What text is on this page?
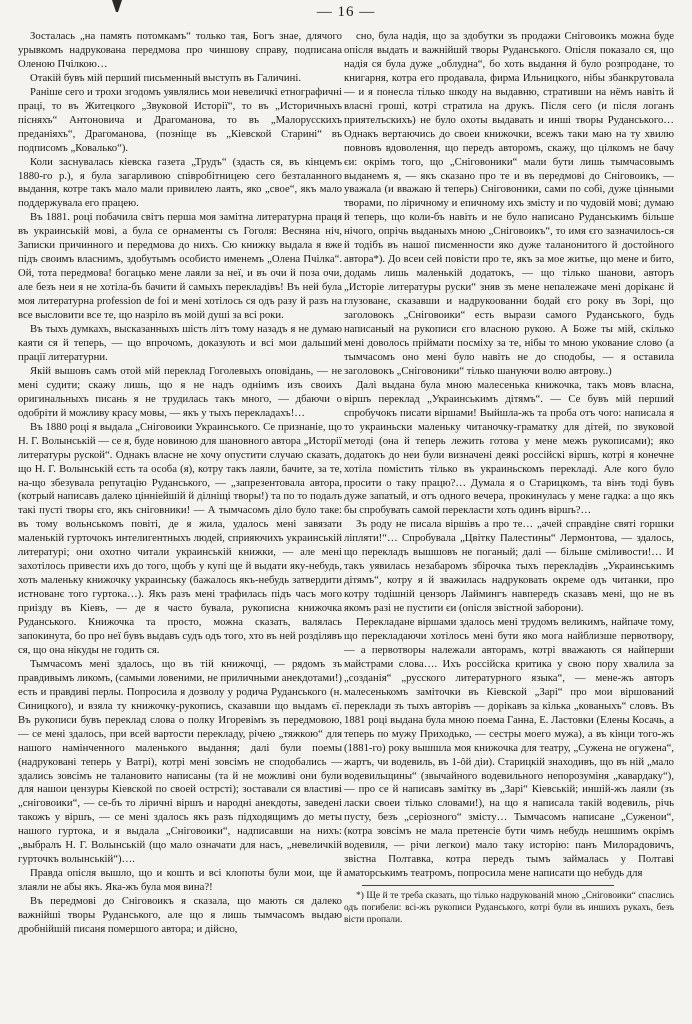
— 16 —

Зосталась „на память потомкамъ“ только тая, Богъ знае, длячого урывкомъ надрукована передмова про чиншову справу, подписана Оленою Пчілкою…

Отакій бувъ мій перший письменный выступъ въ Галичині.

Раніше сего и трохи згодомъ уявлялись мои невеличкі етнографичні праці, то въ Житецкого „Звуковой Исторії“, то въ „Историчныхъ пісняхъ“ Антоновича и Драгоманова, то въ „Малорусскихъ преданіяхъ“, Драгоманова, (позніще въ „Кіевской Старині“ въ подписомъ „Ковалько“).

Коли заснувалась кіевска газета „Трудъ“ (здасть ся, въ кінцемъ 1880-го р.), я була загарливою співробітницею сего безталанного выдання, котре такъ мало мали привилею лаять, яко „свое“, якъ мало поддержувала его працею.

Въ 1881. році побачила світъ перша моя замітна литературна праця въ украинській мові, а була се орнаменты съ Гоголя: Весняна ніч, Записки причинного и передмова до нихъ. Сю книжку выдала я вже підъ своимъ власнимъ, здобутымъ особисто именемъ „Олена Пчілка“. Ой, тота передмова! богацько мене лаяли за неї, и въ очи й поза очи, але безъ неи я не хотіла-бъ бачити й самыхъ перекладівъ! Въ ней була моя литературна profession de foi и мені хотілось ся одъ разу й разъ на все высловити все те, що назріло въ моій душі за всі роки.

Въ тыхъ думкахъ, высказанныхъ шість літъ тому назадъ я не думаю каяти ся й теперь, — що впрочомъ, доказують и всі мои дальший прації литературни.

Якій вышовъ самъ отой мій переклад Гоголевыхъ оповідань, — не мені судити; скажу лишь, що я не надъ одніимъ изъ своихъ оригинальныхъ писань я не трудилась такъ много, — дбаючи о одобріти й можливу красу мовы, — якъ у тыхъ перекладахъ!…

Въ 1880 році я выдала „Сніговоики Украинського. Се признаніе, що Н. Г. Волынськiй — се я, буде новиною для шановного автора „Исторії литературы руской“. Однакъ власне не хочу опустити случаю сказать, що Н. Г. Волынськiй єсть та особа (я), котру такъ лаяли, бачите, за те, на-що збезувала репутацію Руданського, — „запрезентовала автора, (котрый написавъ далеко цінніейшій й ділніщі творы!) та по то подалъ такі пусті творы єго, якъ сніговники! — А тымчасомъ діло було таке: въ тому вольнськомъ повіті, де я жила, удалось мені завязати маленькій гурточокъ интелигентныхъ людей, сприяючихъ украинській литературі; они охотно читали украинській книжки, — але мені захотілось привести ихъ до того, щобъ у купі ще й выдати яку-небудь, хоть маленьку книжочку украинську (бажалось якъ-небудь затвердити истнованє того гуртока…). Якъ разъ мені трафилась підъ часъ мого приізду въ Кіевъ, — де я часто бувала, рукописна книжочка Руданського. Книжочка та просто, можна сказать, валялась запокинута, бо про неї бувъ выдавъ судъ одъ того, хто въ ней розділявъ ся, що она нікуды не годить ся.

Тымчасомъ мені здалось, що въ тій книжочці, — рядомъ зъ правдивымъ ликомъ, (самыми ловеними, не приличными анекдотами!) есть и правдиві перлы. Попросила я дозволу у родича Руданського (н. Синицкого), и взяла ту книжочку-рукопись, сказавши що выдамъ єї. Въ рукописи бувъ переклад слова о полку Игоревімъ зъ передмовою, — се мені здалось, при всей вартости перекладу, річею „тяжкою“ для нашого намінченного маленького выдання; далі були поемы (надруковані теперь у Ватрі), котрі мені зовсімъ не сподобались — здались зовсімъ не талановито написаны (та й не можливі они були для нашои цензуры Кіевской по своей острсті); зоставали ся властиві „сніговоики“, — се-бъ то ліричні віршъ и народні анекдоты, заведені такожъ у віршъ, — се мені здалось якъ разъ підходящимъ до меты нашого гуртока, и я выдала „Сніговоики“, надписавши на нихъ: „выбралъ Н. Г. Волынськiй (що мало означати для насъ, „невеличкій гурточкъ волынськiй“)….

Правда опісля вышло, що и кошть и всі клопоты були мои, ще й злаяли не абы якъ. Яка-жъ була моя вина?!

Въ передмові до Сніговоикъ я сказала, що мають ся далеко важнійші творы Руданського, але що я лишь тымчасомъ выдаю дробнійшій писаня помершого автора; и дійсно,

сно, була надія, що за здобутки зъ продажи Сніговоикъ можна буде опісля выдать и важнійшй творы Руданського. Опісля показало ся, що надія ся була дуже „облудна“, бо хоть выдання й було розпродане, то книгарня, котра его продавала, фирма Ильницкого, нібы збанкрутовала — и я понесла тілько шкоду на выдавню, стративши на нёмъ навіть й власні гроші, котрі стратила на друкъ. Після сего (и після логанъ приятелъскихъ) не було охоты выдавать и инші творы Руданського… Однакъ вертаючись до своеи книжочки, всежъ таки маю на ту хвилю повновъ вдоволення, що передъ авторомъ, скажу, що цілкомъ не бачу єи: окрімъ того, що „Сніговоники“ мали бути лишь тымчасовымъ выданемъ я, — якъ сказано про те и въ передмові до Сніговоикъ, — уважала (и вважаю й теперь) Сніговоники, сами по собі, дуже цінными творами, по ліричному и епичному ихъ змісту и по чудовій мові; думаю й теперь, що коли-бъ навіть и не було написано Руданськимъ більше нічого, опрічь выданыхъ мною „Сніговоикъ“, то имя єго зазначилось-ся й тодібъ въ нашої писменности яко дуже таланонитого й достойного автора*). До всеи сей повісти про те, якъ за мое житье, що мене и бито, додамь лишь маленькій додатокъ, — що тілько шанови, авторъ „Исторіе литературы руски“ зняв зъ мене непалежаче мені доріканє й глузованє, сказавши и надрукоованни бодай єго року въ Зорі, що заголовокъ „Сніговоики“ есть вырази самого Руданського, будь написаный на рукописи єго власною рукою. А Боже ты мій, скілько мені доволось пріймати посміху за те, нібы то мною укование слово (а тымчасомъ оно мені було навіть не до сподобы, — я оставила заголовокъ „Сніговоники“ тілько шануючи волю автрову..)

Далі выдана була мною малесенька книжочка, такъ мовъ власна, віршъ переклад „Украинськимъ дітямъ“. — Се бувъ мій перший спробучокъ писати віршами! Выйшла-жъ та проба отъ чого: написала я то украиньски маленьку читаночку-граматку для дітей, по звуковой методі (она й теперь лежить готова у мене межъ рукописами); яко додатокъ до неи були визначені деякі россійскі віршъ, котрі я конечне хотіла помістить тілько въ украиньскомъ перекладі. Але кого було просити о таку працю?… Думала я о Старицкомъ, та вінъ тоді бувъ дуже запатый, и отъ одного вечера, прокинулась у мене гадка: а що якъ бы спробувать самой перекласти хоть одинъ віршъ?…

Зъ роду не писала віршівъ а про те… „ачей справдіне святі горшки ліпляти!“… Спробувала „Цвітку Палестины“ Лермонтова, — здалось, що перекладъ вышшовъ не поганый; далі — більше сміливости!… И такъ уявилась незабаромъ збірочка тыхъ перекладівъ „Украинськимъ дітямъ“, котру я й зважилась надруковать окреме одъ читанки, про котру тодішній цензоръ Лаймингъ навпередъ сказавъ мені, що не въ якомъ разі не пустити єи (опісля звістной заборони).

Перекладане віршами здалось мені трудомъ великимъ, найпаче тому, що перекладаючи хотілось мені бути яко мога найблизше первотвору, — а первотворы належали авторамъ, котрі вважають ся найперши майстрами слова…. Ихъ россійска критика у свою пору хвалила за „созданія“ „русского литературного языка“, — мене-жъ авторъ малесенькомъ заміточки въ Кіевской „Зарі“ про мои віршований переклади зъ тыхъ авторівъ — дорікавъ за кілька „кованыхъ“ словъ. Въ 1881 році выдана була мною поема Ганна, Е. Ластовки (Елены Косачь, а теперь по мужу Приходько, — сестры моего мужа), а въ кінци того-жъ (1881-го) року вышшла моя книжочка для театру, „Сужена не огужена“, жартъ, чи водевиль, въ 1-ôй діи). Старицкій знаходивъ, що въ ній „мало водевильщины“ (звычайного водевильного непорозуміня „кавардаку“), — про се й написавъ замітку въ „Зарі“ Кіевській; иншій-жъ лаяли (зъ ласки своеи тілько словами!), на що я написала такій водевиль, річь пусту, безъ „серіозного“ змісту… Тымчасомъ написане „Суженои“, (котра зовсімъ не мала претенсіе бути чимъ небудь нешшимъ окрімъ водевиля, — річи легкои) мало таку исторію: панъ Милорадовичъ, звістна Полтавка, котра передъ тымъ займалась у Полтаві аматорськимъ театромъ, попросила мене написати що небудь для

*) Ще й те треба сказать, що тілько надрукованій мною „Сніговоики“ спаслись одъ погибели: всі-жъ рукописи Руданського, котрі були въ иншихъ рукахъ, безъ вісти пропали.
